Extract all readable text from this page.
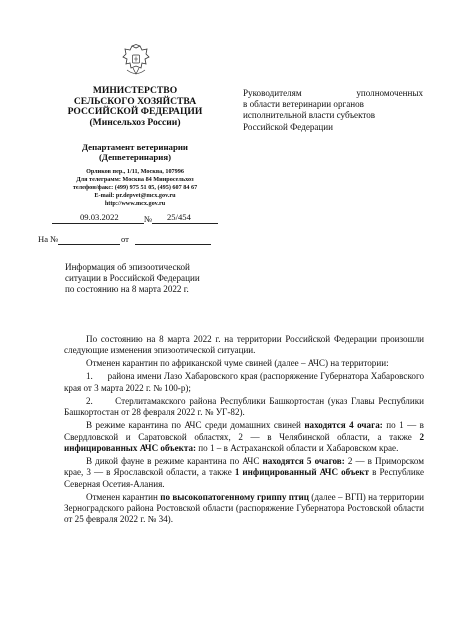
МИНИСТЕРСТВО
СЕЛЬСКОГО ХОЗЯЙСТВА
РОССИЙСКОЙ ФЕДЕРАЦИИ
(Минсельхоз России)
Департамент ветеринарии
(Депветеринария)
Орликов пер., 1/11, Москва, 107996
Для телеграмм: Москва 84 Минросельхоз
телефон/факс: (499) 975 51 05, (495) 607 84 67
E-mail: pr.depvet@mcx.gov.ru
http://www.mcx.gov.ru
09.03.2022	№ 25/454
На №	от

Руководителям уполномоченных

в области ветеринарии органов

исполнительной власти субъектов

Российской Федерации

Информация об эпизоотической

ситуации в Российской Федерации

по состоянию на 8 марта 2022 г.

По состоянию на 8 марта 2022 г. на территории Российской Федерации произошли следующие изменения эпизоотической ситуации.

Отменен карантин по африканской чуме свиней (далее – АЧС) на территории:

1.      района имени Лазо Хабаровского края (распоряжение Губернатора Хабаровского края от 3 марта 2022 г. № 100-р);

2.      Стерлитамакского района Республики Башкортостан (указ Главы Республики Башкортостан от 28 февраля 2022 г. № УГ-82).

В режиме карантина по АЧС среди домашних свиней находятся 4 очага: по 1 — в Свердловской и Саратовской областях, 2 — в Челябинской области, а также 2 инфицированных АЧС объекта: по 1 – в Астраханской области и Хабаровском крае.

В дикой фауне в режиме карантина по АЧС находятся 5 очагов: 2 — в Приморском крае, 3 — в Ярославской области, а также 1 инфицированный АЧС объект в Республике Северная Осетия-Алания.

Отменен карантин по высокопатогенному гриппу птиц (далее – ВГП) на территории Зерноградского района Ростовской области (распоряжение Губернатора Ростовской области от 25 февраля 2022 г. № 34).
